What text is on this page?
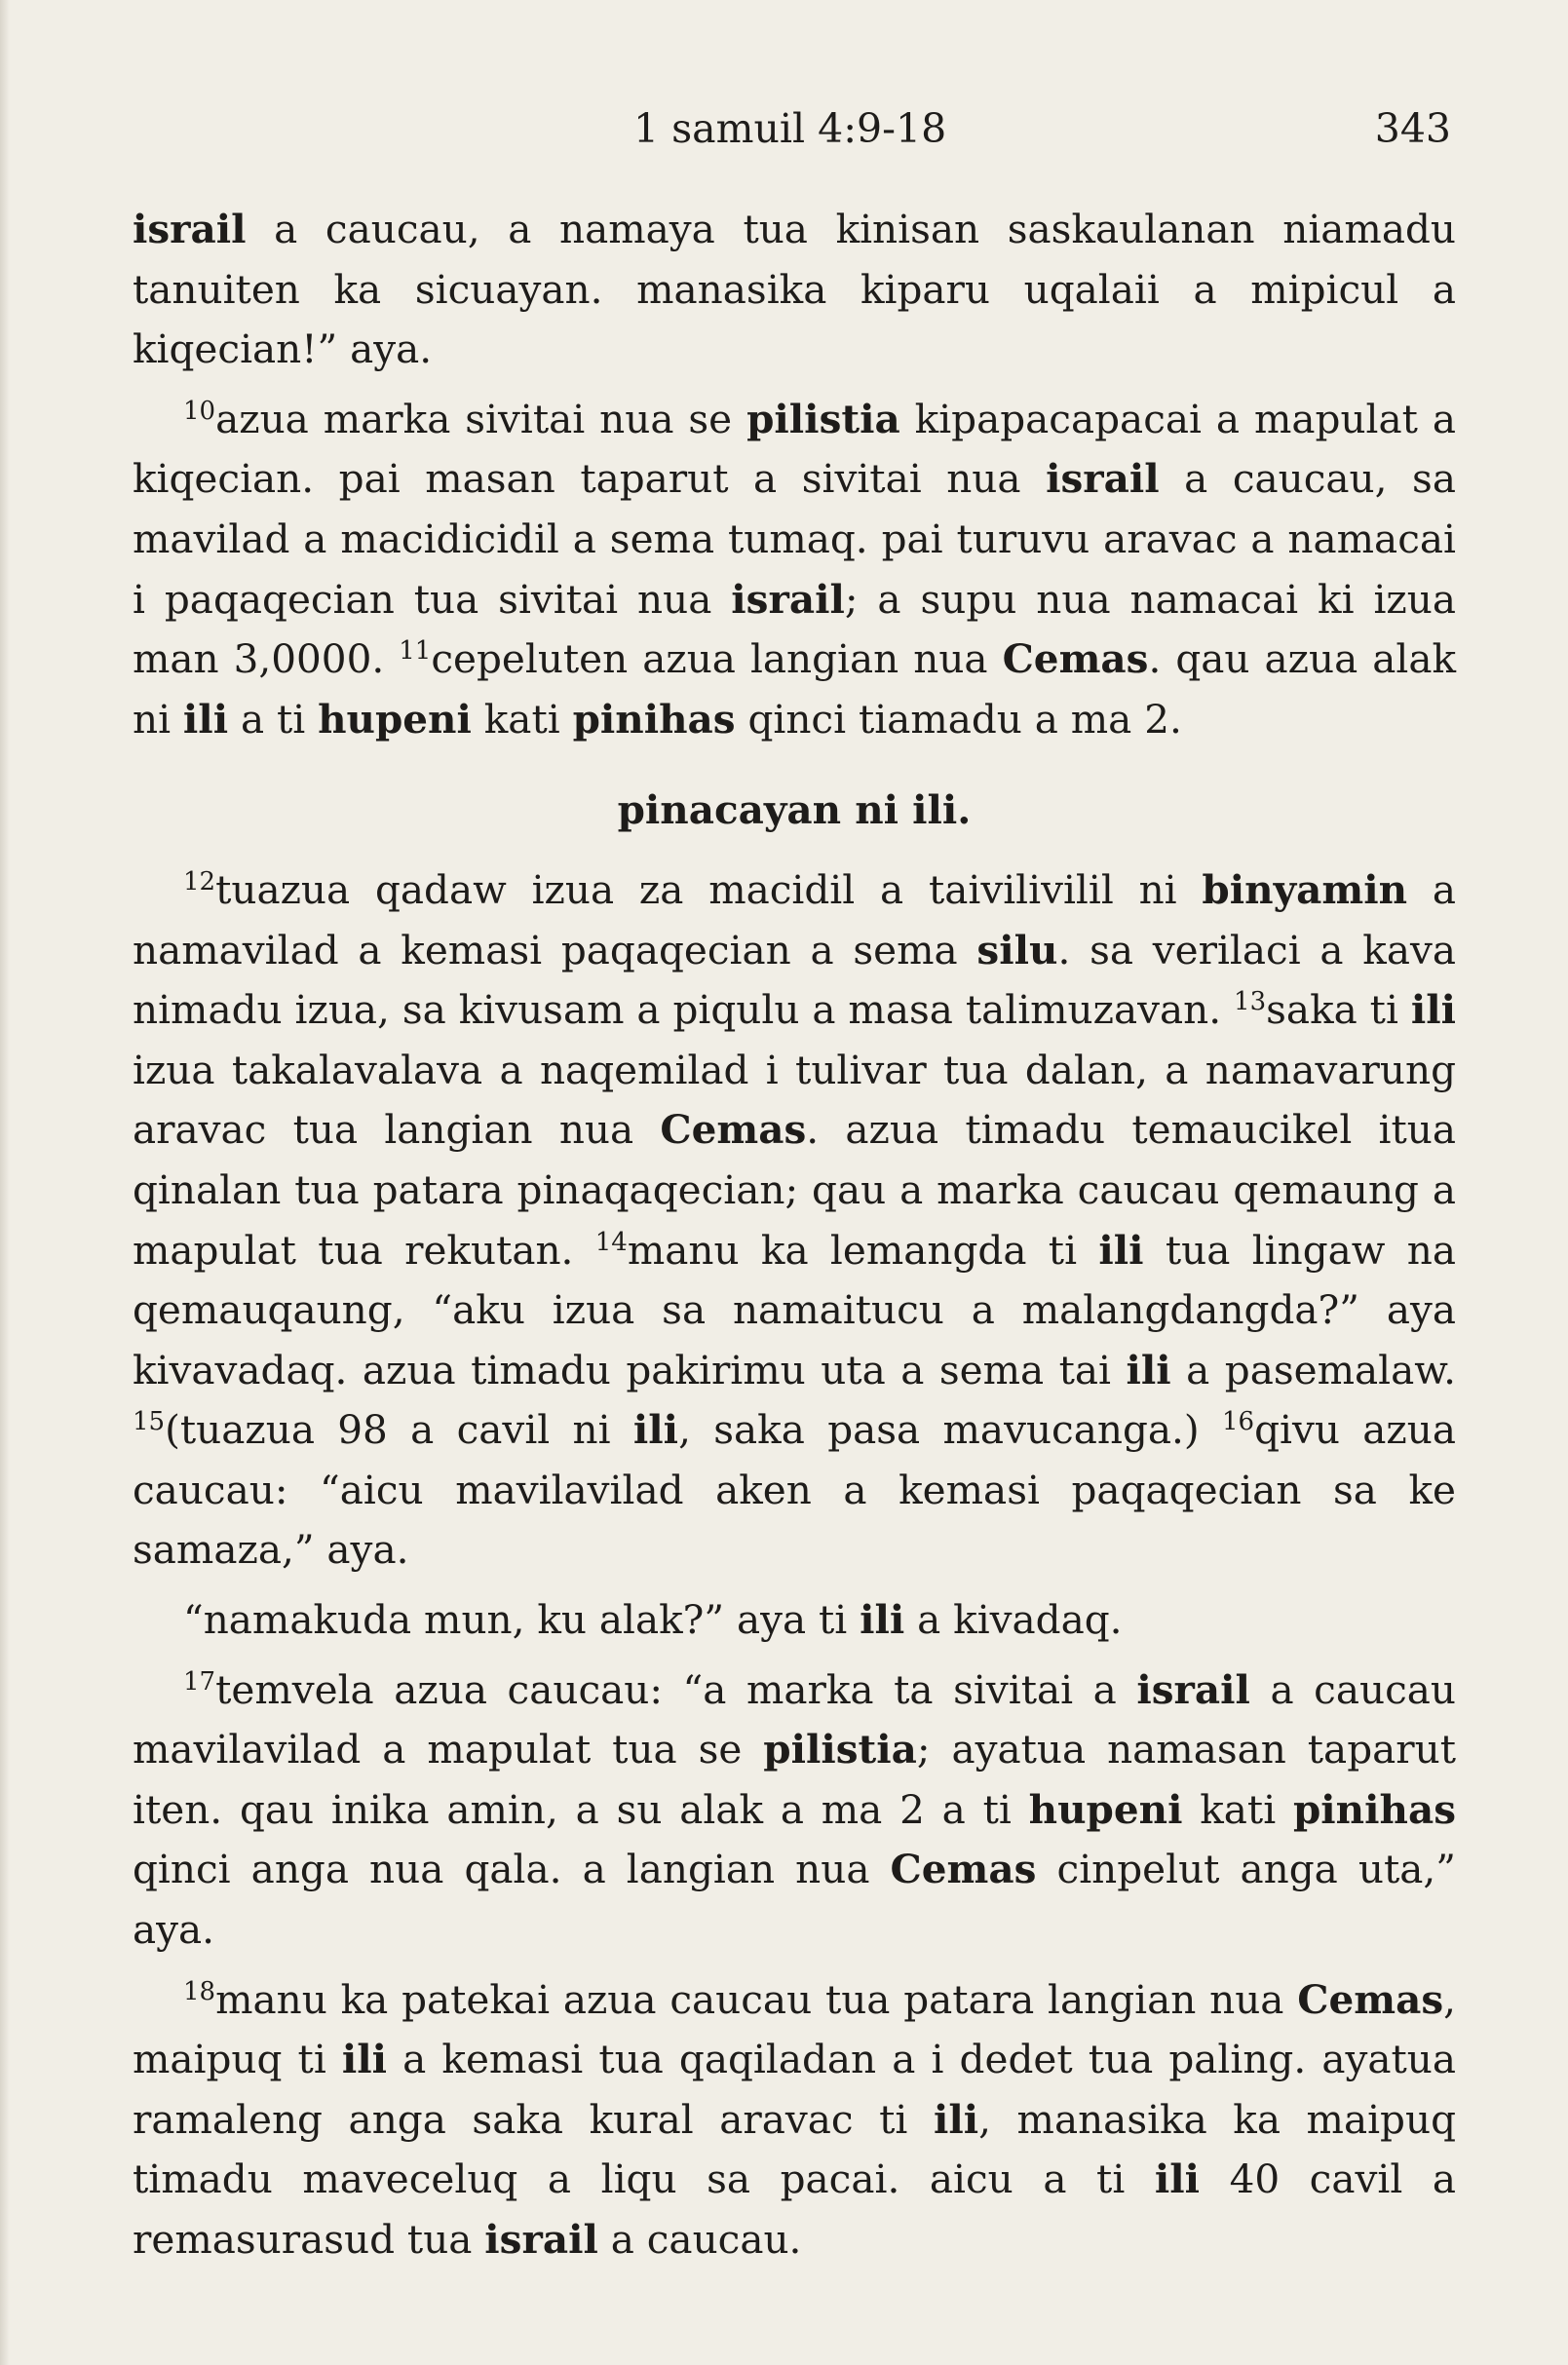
1 samuil 4:9-18	343

israil a caucau, a namaya tua kinisan saskaulanan niamadu tanuiten ka sicuayan. manasika kiparu uqalaii a mipicul a kiqecian!” aya.

$^{10}$azua marka sivitai nua se pilistia kipapacapacai a mapulat a kiqecian. pai masan taparut a sivitai nua israil a caucau, sa mavilad a macidicidil a sema tumaq. pai turuvu aravac a namacai i paqaqecian tua sivitai nua israil; a supu nua namacai ki izua man 3,0000. $^{11}$cepeluten azua langian nua Cemas. qau azua alak ni ili a ti hupeni kati pinihas qinci tiamadu a ma 2.

pinacayan ni ili.

$^{12}$tuazua qadaw izua za macidil a taivilivilil ni binyamin a namavilad a kemasi paqaqecian a sema silu. sa verilaci a kava nimadu izua, sa kivusam a piqulu a masa talimuzavan. $^{13}$saka ti ili izua takalavalava a naqemilad i tulivar tua dalan, a namavarung aravac tua langian nua Cemas. azua timadu temaucikel itua qinalan tua patara pinaqaqecian; qau a marka caucau qemaung a mapulat tua rekutan. $^{14}$manu ka lemangda ti ili tua lingaw na qemauqaung, “aku izua sa namaitucu a malangdangda?” aya kivavadaq. azua timadu pakirimu uta a sema tai ili a pasemalaw. $^{15}$(tuazua 98 a cavil ni ili, saka pasa mavucanga.) $^{16}$qivu azua caucau: “aicu mavilavilad aken a kemasi paqaqecian sa ke samaza,” aya.

“namakuda mun, ku alak?” aya ti ili a kivadaq.

$^{17}$temvela azua caucau: “a marka ta sivitai a israil a caucau mavilavilad a mapulat tua se pilistia; ayatua namasan taparut iten. qau inika amin, a su alak a ma 2 a ti hupeni kati pinihas qinci anga nua qala. a langian nua Cemas cinpelut anga uta,” aya.

$^{18}$manu ka patekai azua caucau tua patara langian nua Cemas, maipuq ti ili a kemasi tua qaqiladan a i dedet tua paling. ayatua ramaleng anga saka kural aravac ti ili, manasika ka maipuq timadu maveceluq a liqu sa pacai. aicu a ti ili 40 cavil a remasurasud tua israil a caucau.
